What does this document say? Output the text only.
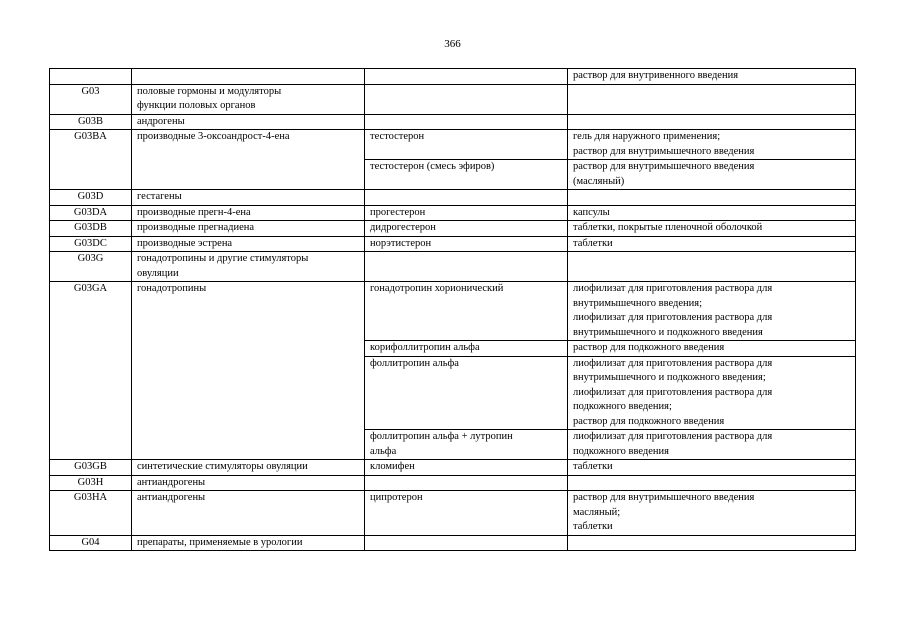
366

			раствор для внутривенного введения

G03	половые гормоны и модуляторы
функции половых органов		

G03B	андрогены		

G03BA	производные 3-оксоандрост-4-ена	тестостерон	гель для наружного применения;
раствор для внутримышечного введения

		тестостерон (смесь эфиров)	раствор для внутримышечного введения
(масляный)

G03D	гестагены		

G03DA	производные прегн-4-ена	прогестерон	капсулы

G03DB	производные прегнадиена	дидрогестерон	таблетки, покрытые пленочной оболочкой

G03DC	производные эстрена	норэтистерон	таблетки

G03G	гонадотропины и другие стимуляторы
овуляции		

G03GA	гонадотропины	гонадотропин хорионический	лиофилизат для приготовления раствора для
внутримышечного введения;
лиофилизат для приготовления раствора для
внутримышечного и подкожного введения

		корифоллитропин альфа	раствор для подкожного введения

		фоллитропин альфа	лиофилизат для приготовления раствора для
внутримышечного и подкожного введения;
лиофилизат для приготовления раствора для
подкожного введения;
раствор для подкожного введения

		фоллитропин альфа + лутропин
альфа	лиофилизат для приготовления раствора для
подкожного введения

G03GB	синтетические стимуляторы овуляции	кломифен	таблетки

G03H	антиандрогены		

G03HA	антиандрогены	ципротерон	раствор для внутримышечного введения
масляный;
таблетки

G04	препараты, применяемые в урологии		
